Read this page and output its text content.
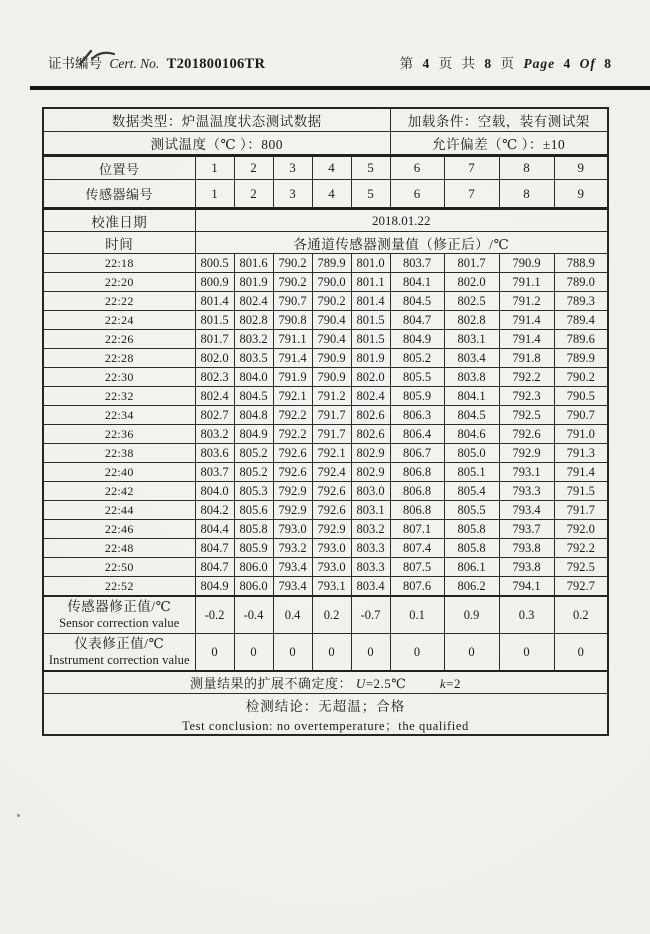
证书编号 Cert. No. T201800106TR	第 4 页 共 8 页 Page 4 Of 8
数据类型：炉温温度状态测试数据						加载条件：空载，装有测试架			
测试温度（℃ ）：800						允许偏差（℃ ）：±10			
位置号	1	2	3	4	5	6	7	8	9
传感器编号	1	2	3	4	5	6	7	8	9
校准日期	2018.01.22								
时间	各通道传感器测量值（修正后）/℃								
22:18	800.5	801.6	790.2	789.9	801.0	803.7	801.7	790.9	788.9
22:20	800.9	801.9	790.2	790.0	801.1	804.1	802.0	791.1	789.0
22:22	801.4	802.4	790.7	790.2	801.4	804.5	802.5	791.2	789.3
22:24	801.5	802.8	790.8	790.4	801.5	804.7	802.8	791.4	789.4
22:26	801.7	803.2	791.1	790.4	801.5	804.9	803.1	791.4	789.6
22:28	802.0	803.5	791.4	790.9	801.9	805.2	803.4	791.8	789.9
22:30	802.3	804.0	791.9	790.9	802.0	805.5	803.8	792.2	790.2
22:32	802.4	804.5	792.1	791.2	802.4	805.9	804.1	792.3	790.5
22:34	802.7	804.8	792.2	791.7	802.6	806.3	804.5	792.5	790.7
22:36	803.2	804.9	792.2	791.7	802.6	806.4	804.6	792.6	791.0
22:38	803.6	805.2	792.6	792.1	802.9	806.7	805.0	792.9	791.3
22:40	803.7	805.2	792.6	792.4	802.9	806.8	805.1	793.1	791.4
22:42	804.0	805.3	792.9	792.6	803.0	806.8	805.4	793.3	791.5
22:44	804.2	805.6	792.9	792.6	803.1	806.8	805.5	793.4	791.7
22:46	804.4	805.8	793.0	792.9	803.2	807.1	805.8	793.7	792.0
22:48	804.7	805.9	793.2	793.0	803.3	807.4	805.8	793.8	792.2
22:50	804.7	806.0	793.4	793.0	803.3	807.5	806.1	793.8	792.5
22:52	804.9	806.0	793.4	793.1	803.4	807.6	806.2	794.1	792.7

传感器修正值/℃
Sensor correction value	-0.2	-0.4	0.4	0.2	-0.7	0.1	0.9	0.3	0.2

仪表修正值/℃
Instrument correction value	0	0	0	0	0	0	0	0	0
测量结果的扩展不确定度： U=2.5℃ k=2									

检测结论：无超温；合格
Test conclusion: no overtemperature；the qualified									
